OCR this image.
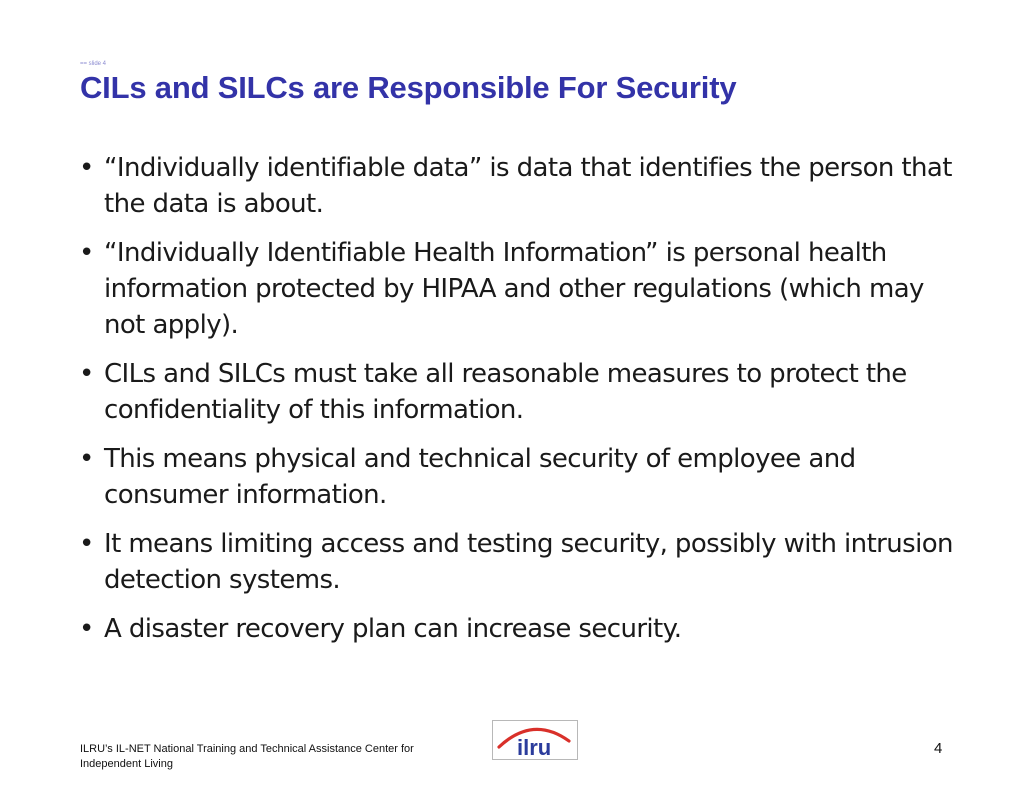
== slide 4
CILs and SILCs are Responsible For Security
• “Individually identifiable data” is data that identifies the person that the data is about.
• “Individually Identifiable Health Information” is personal health information protected by HIPAA and other regulations (which may not apply).
• CILs and SILCs must take all reasonable measures to protect the confidentiality of this information.
• This means physical and technical security of employee and consumer information.
• It means limiting access and testing security, possibly with intrusion detection systems.
• A disaster recovery plan can increase security.
ILRU’s IL-NET National Training and Technical Assistance Center for Independent Living
ilru	4
